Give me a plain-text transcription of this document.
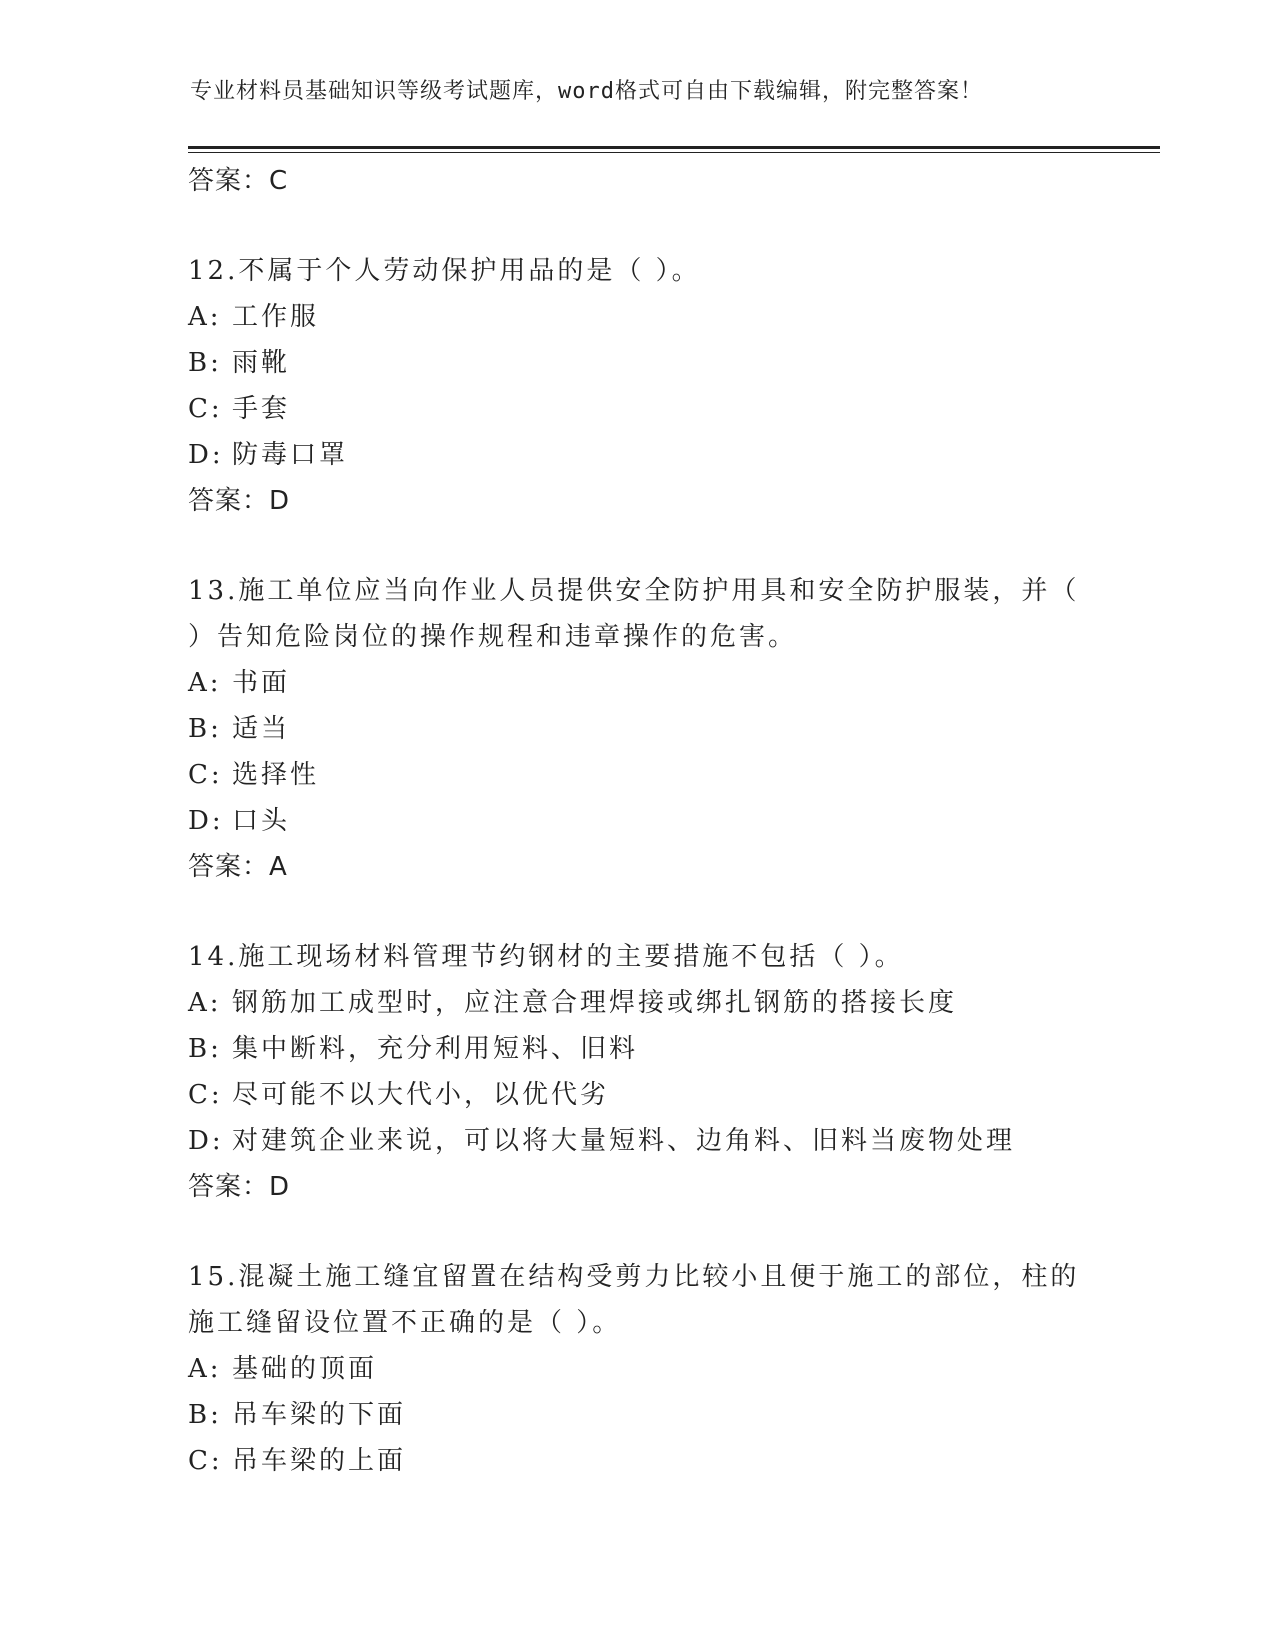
专业材料员基础知识等级考试题库，word格式可自由下载编辑，附完整答案！
答案：C
12.不属于个人劳动保护用品的是（ ）。
A: 工作服
B: 雨靴
C: 手套
D: 防毒口罩
答案：D
13.施工单位应当向作业人员提供安全防护用具和安全防护服装，并（
）告知危险岗位的操作规程和违章操作的危害。
A: 书面
B: 适当
C: 选择性
D: 口头
答案：A
14.施工现场材料管理节约钢材的主要措施不包括（ ）。
A: 钢筋加工成型时，应注意合理焊接或绑扎钢筋的搭接长度
B: 集中断料，充分利用短料、旧料
C: 尽可能不以大代小，以优代劣
D: 对建筑企业来说，可以将大量短料、边角料、旧料当废物处理
答案：D
15.混凝土施工缝宜留置在结构受剪力比较小且便于施工的部位，柱的
施工缝留设位置不正确的是（ ）。
A: 基础的顶面
B: 吊车梁的下面
C: 吊车梁的上面
